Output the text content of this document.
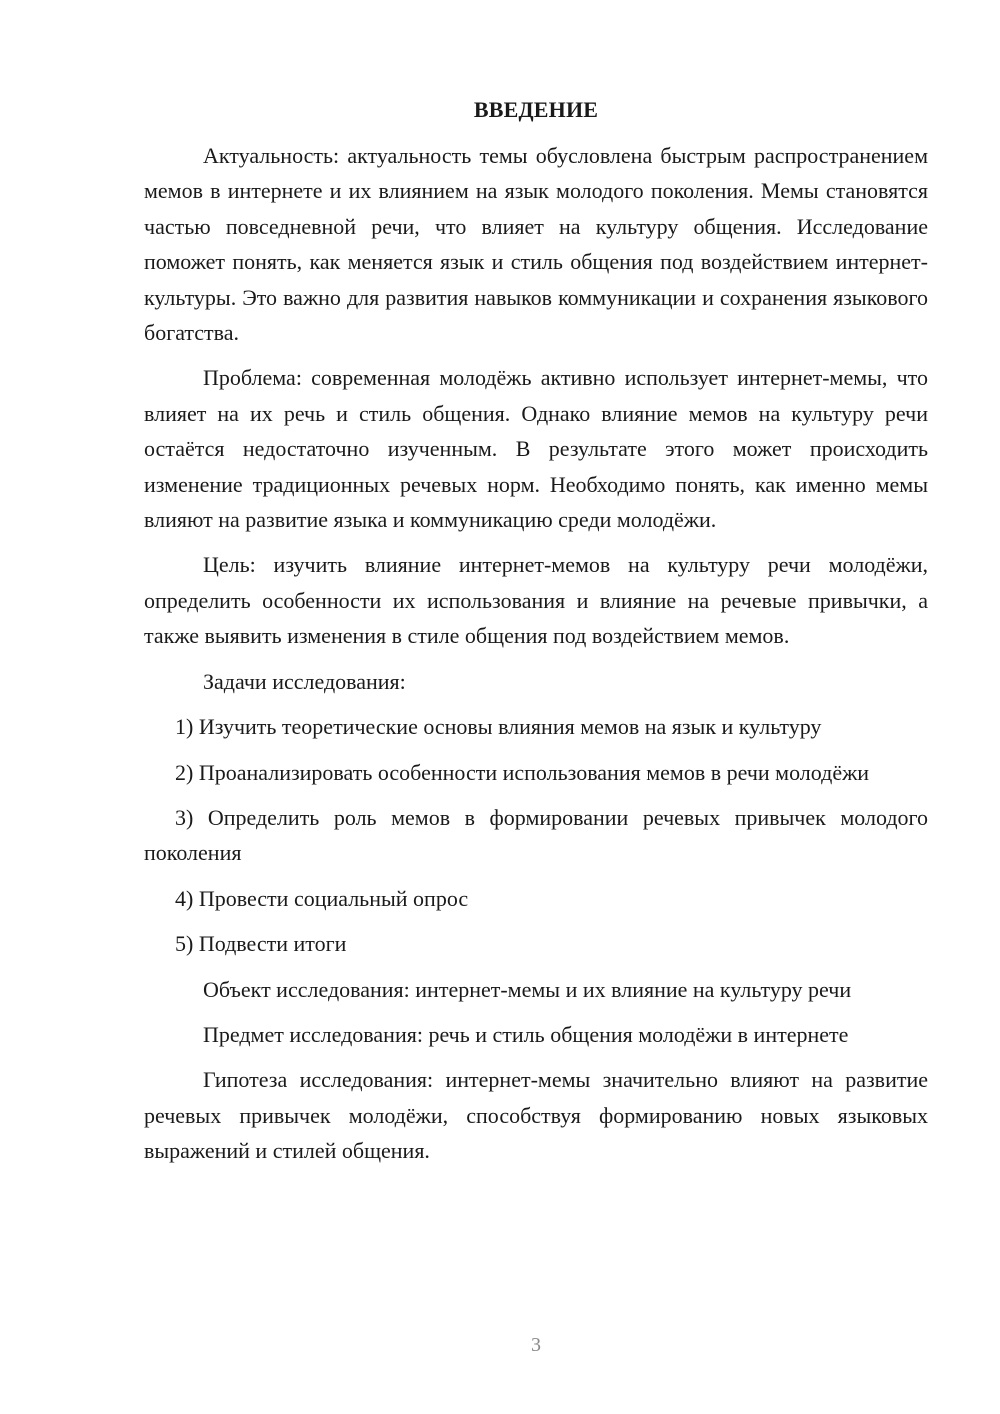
ВВЕДЕНИЕ

Актуальность: актуальность темы обусловлена быстрым распространением мемов в интернете и их влиянием на язык молодого поколения. Мемы становятся частью повседневной речи, что влияет на культуру общения. Исследование поможет понять, как меняется язык и стиль общения под воздействием интернет-культуры. Это важно для развития навыков коммуникации и сохранения языкового богатства.

Проблема: современная молодёжь активно использует интернет-мемы, что влияет на их речь и стиль общения. Однако влияние мемов на культуру речи остаётся недостаточно изученным. В результате этого может происходить изменение традиционных речевых норм. Необходимо понять, как именно мемы влияют на развитие языка и коммуникацию среди молодёжи.

Цель: изучить влияние интернет-мемов на культуру речи молодёжи, определить особенности их использования и влияние на речевые привычки, а также выявить изменения в стиле общения под воздействием мемов.

Задачи исследования:

1) Изучить теоретические основы влияния мемов на язык и культуру

2) Проанализировать особенности использования мемов в речи молодёжи

3) Определить роль мемов в формировании речевых привычек молодого поколения

4) Провести социальный опрос

5) Подвести итоги

Объект исследования: интернет-мемы и их влияние на культуру речи

Предмет исследования: речь и стиль общения молодёжи в интернете

Гипотеза исследования: интернет-мемы значительно влияют на развитие речевых привычек молодёжи, способствуя формированию новых языковых выражений и стилей общения.

3
